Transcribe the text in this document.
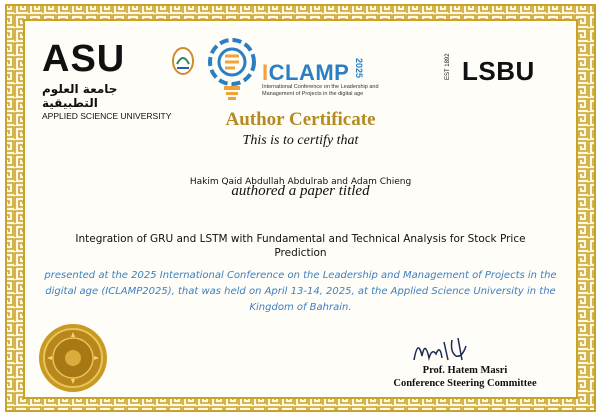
ASU
جامعة العلوم التطبيقية
APPLIED SCIENCE UNIVERSITY
ICLAMP 2025
International Conference on the Leadership and Management of Projects in the digital age
EST 1892 LSBU
Author Certificate
This is to certify that
Hakim Qaid Abdullah Abdulrab and Adam Chieng
authored a paper titled
Integration of GRU and LSTM with Fundamental and Technical Analysis for Stock Price Prediction
presented at the 2025 International Conference on the Leadership and Management of Projects in the digital age (ICLAMP2025), that was held on April 13-14, 2025, at the Applied Science University in the Kingdom of Bahrain.
Prof. Hatem Masri
Conference Steering Committee
